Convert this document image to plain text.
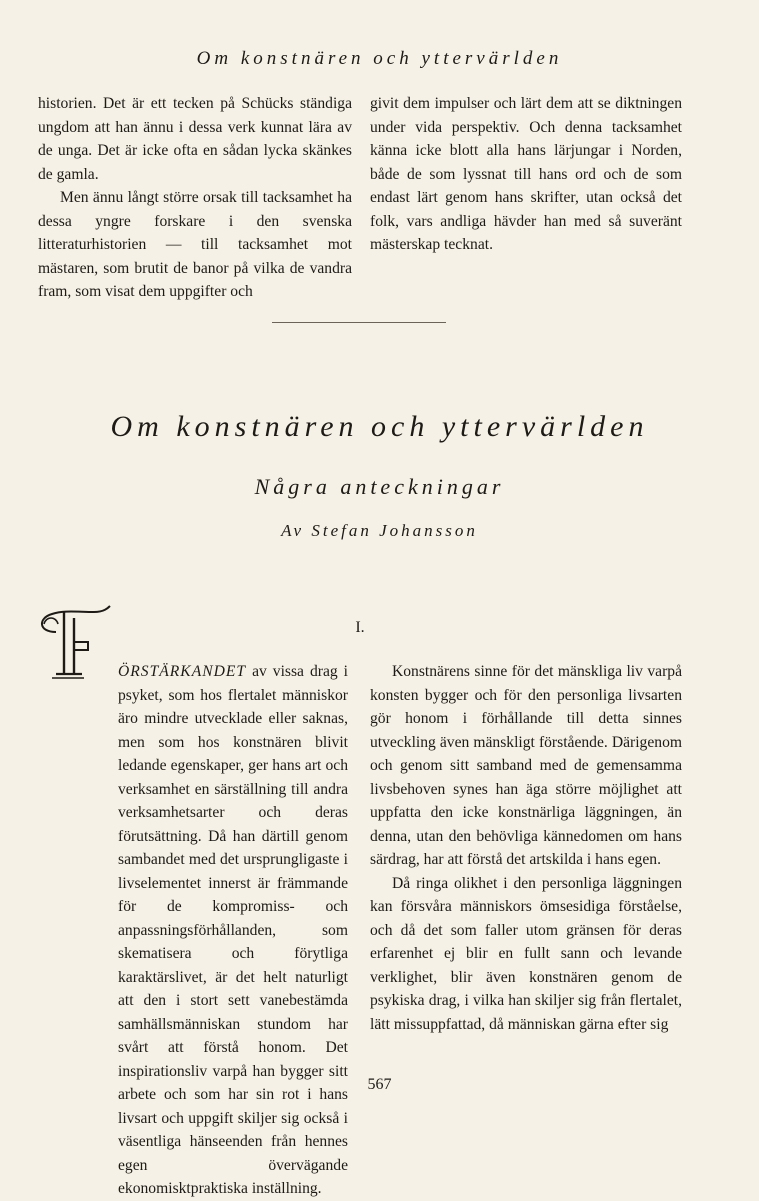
Om konstnären och yttervärlden

historien. Det är ett tecken på Schücks ständiga ungdom att han ännu i dessa verk kunnat lära av de unga. Det är icke ofta en sådan lycka skänkes de gamla.

Men ännu långt större orsak till tacksamhet ha dessa yngre forskare i den svenska litteraturhistorien — till tacksamhet mot mästaren, som brutit de banor på vilka de vandra fram, som visat dem uppgifter och

givit dem impulser och lärt dem att se diktningen under vida perspektiv. Och denna tacksamhet känna icke blott alla hans lärjungar i Norden, både de som lyssnat till hans ord och de som endast lärt genom hans skrifter, utan också det folk, vars andliga hävder han med så suveränt mästerskap tecknat.

Om konstnären och yttervärlden
Några anteckningar
Av Stefan Johansson
I.

ÖRSTÄRKANDET av vissa drag i psyket, som hos flertalet människor äro mindre utvecklade eller saknas, men som hos konstnären blivit ledande egenskaper, ger hans art och verksamhet en särställning till andra verksamhetsarter och deras förutsättning. Då han därtill genom sambandet med det ursprungligaste i livselementet innerst är främmande för de kompromiss- och anpassningsförhållanden, som skematisera och förytliga karaktärslivet, är det helt naturligt att den i stort sett vanebestämda samhällsmänniskan stundom har svårt att förstå honom. Det inspirationsliv varpå han bygger sitt arbete och som har sin rot i hans livsart och uppgift skiljer sig också i väsentliga hänseenden från hennes egen övervägande ekonomisktpraktiska inställning.

Konstnärens sinne för det mänskliga liv varpå konsten bygger och för den personliga livsarten gör honom i förhållande till detta sinnes utveckling även mänskligt förstående. Därigenom och genom sitt samband med de gemensamma livsbehoven synes han äga större möjlighet att uppfatta den icke konstnärliga läggningen, än denna, utan den behövliga kännedomen om hans särdrag, har att förstå det artskilda i hans egen.

Då ringa olikhet i den personliga läggningen kan försvåra människors ömsesidiga förståelse, och då det som faller utom gränsen för deras erfarenhet ej blir en fullt sann och levande verklighet, blir även konstnären genom de psykiska drag, i vilka han skiljer sig från flertalet, lätt missuppfattad, då människan gärna efter sig

567
